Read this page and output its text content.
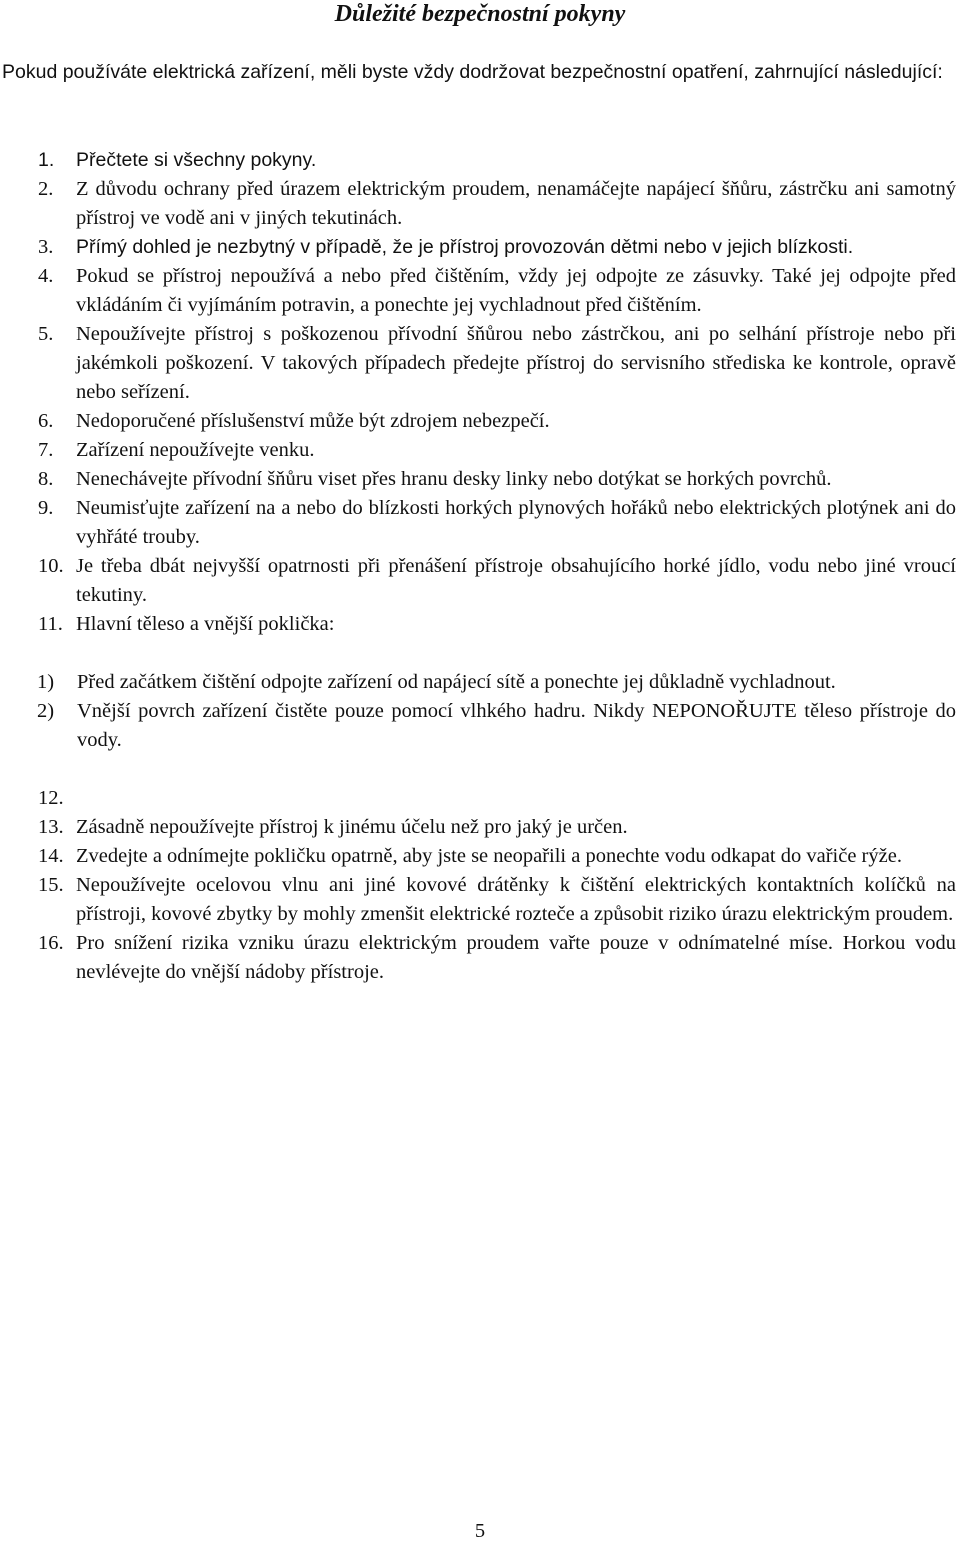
Důležité bezpečnostní pokyny
Pokud používáte elektrická zařízení, měli byste vždy dodržovat bezpečnostní opatření, zahrnující následující:
1.	Přečtete si všechny pokyny.
2.	Z důvodu ochrany před úrazem elektrickým proudem, nenamáčejte napájecí šňůru, zástrčku ani samotný přístroj ve vodě ani v jiných tekutinách.
3.	Přímý dohled je nezbytný v případě, že je přístroj provozován dětmi nebo v jejich blízkosti.
4.	Pokud se přístroj nepoužívá a nebo před čištěním, vždy jej odpojte ze zásuvky. Také jej odpojte před vkládáním či vyjímáním potravin, a ponechte jej vychladnout před čištěním.
5.	Nepoužívejte přístroj s poškozenou přívodní šňůrou nebo zástrčkou, ani po selhání přístroje nebo při jakémkoli poškození. V takových případech předejte přístroj do servisního střediska ke kontrole, opravě nebo seřízení.
6.	Nedoporučené příslušenství může být zdrojem nebezpečí.
7.	Zařízení nepoužívejte venku.
8.	Nenechávejte přívodní šňůru viset přes hranu desky linky nebo dotýkat se horkých povrchů.
9.	Neumisťujte zařízení na a nebo do blízkosti horkých plynových hořáků nebo elektrických plotýnek ani do vyhřáté trouby.
10. Je třeba dbát nejvyšší opatrnosti při přenášení přístroje obsahujícího horké jídlo, vodu nebo jiné vroucí tekutiny.
11. Hlavní těleso a vnější poklička:
1)	Před začátkem čištění odpojte zařízení od napájecí sítě a ponechte jej důkladně vychladnout.
2)	Vnější povrch zařízení čistěte pouze pomocí vlhkého hadru. Nikdy NEPONOŘUJTE těleso přístroje do vody.
12.
13. Zásadně nepoužívejte přístroj k jinému účelu než pro jaký je určen.
14. Zvedejte a odnímejte pokličku opatrně, aby jste se neopařili a ponechte vodu odkapat do vařiče rýže.
15. Nepoužívejte ocelovou vlnu ani jiné kovové drátěnky k čištění elektrických kontaktních kolíčků na přístroji, kovové zbytky by mohly zmenšit elektrické rozteče a způsobit riziko úrazu elektrickým proudem.
16. Pro snížení rizika vzniku úrazu elektrickým proudem vařte pouze v odnímatelné míse. Horkou vodu nevlévejte do vnější nádoby přístroje.
5
